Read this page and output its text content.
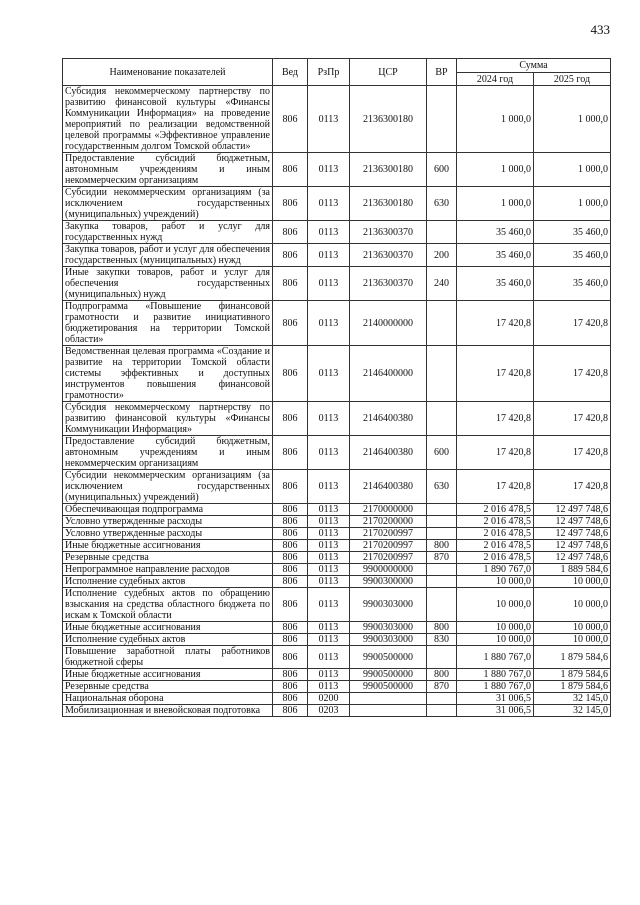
433
Наименование показателей	Вед	РзПр	ЦСР	ВР	Сумма	
					2024 год	2025 год
Субсидия некоммерческому партнерству по развитию финансовой культуры «Финансы Коммуникации Информация» на проведение мероприятий по реализации ведомственной целевой программы «Эффективное управление государственным долгом Томской области»	806	0113	2136300180		1 000,0	1 000,0
Предоставление субсидий бюджетным, автономным учреждениям и иным некоммерческим организациям	806	0113	2136300180	600	1 000,0	1 000,0
Субсидии некоммерческим организациям (за исключением государственных (муниципальных) учреждений)	806	0113	2136300180	630	1 000,0	1 000,0
Закупка товаров, работ и услуг для государственных нужд	806	0113	2136300370		35 460,0	35 460,0
Закупка товаров, работ и услуг для обеспечения государственных (муниципальных) нужд	806	0113	2136300370	200	35 460,0	35 460,0
Иные закупки товаров, работ и услуг для обеспечения государственных (муниципальных) нужд	806	0113	2136300370	240	35 460,0	35 460,0
Подпрограмма «Повышение финансовой грамотности и развитие инициативного бюджетирования на территории Томской области»	806	0113	2140000000		17 420,8	17 420,8
Ведомственная целевая программа «Создание и развитие на территории Томской области системы эффективных и доступных инструментов повышения финансовой грамотности»	806	0113	2146400000		17 420,8	17 420,8
Субсидия некоммерческому партнерству по развитию финансовой культуры «Финансы Коммуникации Информация»	806	0113	2146400380		17 420,8	17 420,8
Предоставление субсидий бюджетным, автономным учреждениям и иным некоммерческим организациям	806	0113	2146400380	600	17 420,8	17 420,8
Субсидии некоммерческим организациям (за исключением государственных (муниципальных) учреждений)	806	0113	2146400380	630	17 420,8	17 420,8
Обеспечивающая подпрограмма	806	0113	2170000000		2 016 478,5	12 497 748,6
Условно утвержденные расходы	806	0113	2170200000		2 016 478,5	12 497 748,6
Условно утвержденные расходы	806	0113	2170200997		2 016 478,5	12 497 748,6
Иные бюджетные ассигнования	806	0113	2170200997	800	2 016 478,5	12 497 748,6
Резервные средства	806	0113	2170200997	870	2 016 478,5	12 497 748,6
Непрограммное направление расходов	806	0113	9900000000		1 890 767,0	1 889 584,6
Исполнение судебных актов	806	0113	9900300000		10 000,0	10 000,0
Исполнение судебных актов по обращению взыскания на средства областного бюджета по искам к Томской области	806	0113	9900303000		10 000,0	10 000,0
Иные бюджетные ассигнования	806	0113	9900303000	800	10 000,0	10 000,0
Исполнение судебных актов	806	0113	9900303000	830	10 000,0	10 000,0
Повышение заработной платы работников бюджетной сферы	806	0113	9900500000		1 880 767,0	1 879 584,6
Иные бюджетные ассигнования	806	0113	9900500000	800	1 880 767,0	1 879 584,6
Резервные средства	806	0113	9900500000	870	1 880 767,0	1 879 584,6
Национальная оборона	806	0200			31 006,5	32 145,0
Мобилизационная и вневойсковая подготовка	806	0203			31 006,5	32 145,0
